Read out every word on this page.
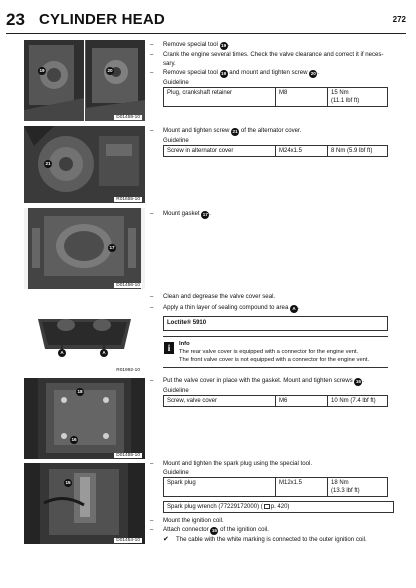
23 CYLINDER HEAD	272
19	20
D01459-10
21
R01655-10
17
D01456-10
A	A
R01992-10
18
16
D01455-10
15
D01454-10
– Remove special tool 19.
– Crank the engine several times. Check the valve clearance and correct it if neces-
sary.
– Remove special tool 19 and mount and tighten screw 20.
Guideline
Plug, crankshaft retainer	M8	15 Nm
(11.1 lbf ft)
– Mount and tighten screw 21 of the alternator cover.
Guideline
Screw in alternator cover	M24x1.5	8 Nm (5.9 lbf ft)
– Mount gasket 17.
– Clean and degrease the valve cover seal.
– Apply a thin layer of sealing compound to area A .
Loctite® 5910
i	Info
The rear valve cover is equipped with a connector for the engine vent.
The front valve cover is not equipped with a connector for the engine vent.
– Put the valve cover in place with the gasket. Mount and tighten screws 16.
Guideline
Screw, valve cover	M6	10 Nm (7.4 lbf ft)
– Mount and tighten the spark plug using the special tool.
Guideline
Spark plug	M12x1.5	18 Nm
(13.3 lbf ft)
Spark plug wrench (77229172000) ( p. 420)
– Mount the ignition coil.
– Attach connector 15 of the ignition coil.
✔ The cable with the white marking is connected to the outer ignition coil.
